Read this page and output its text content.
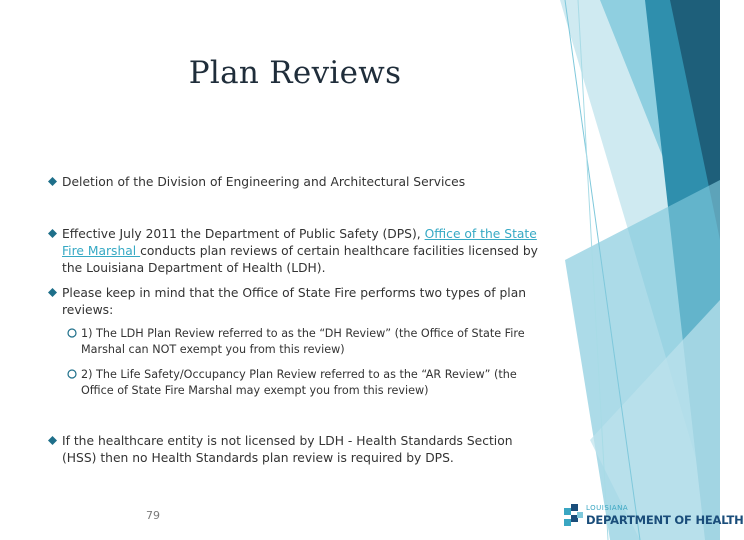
Plan Reviews
Deletion of the Division of Engineering and Architectural Services
Effective July 2011 the Department of Public Safety (DPS), Office of the State Fire Marshal conducts plan reviews of certain healthcare facilities licensed by the Louisiana Department of Health (LDH).
Please keep in mind that the Office of State Fire performs two types of plan reviews:
1) The LDH Plan Review referred to as the “DH Review” (the Office of State Fire Marshal can NOT exempt you from this review)
2) The Life Safety/Occupancy Plan Review referred to as the “AR Review” (the Office of State Fire Marshal may exempt you from this review)
If the healthcare entity is not licensed by LDH - Health Standards Section (HSS) then no Health Standards plan review is required by DPS.
79
LOUISIANA
DEPARTMENT OF HEALTH
